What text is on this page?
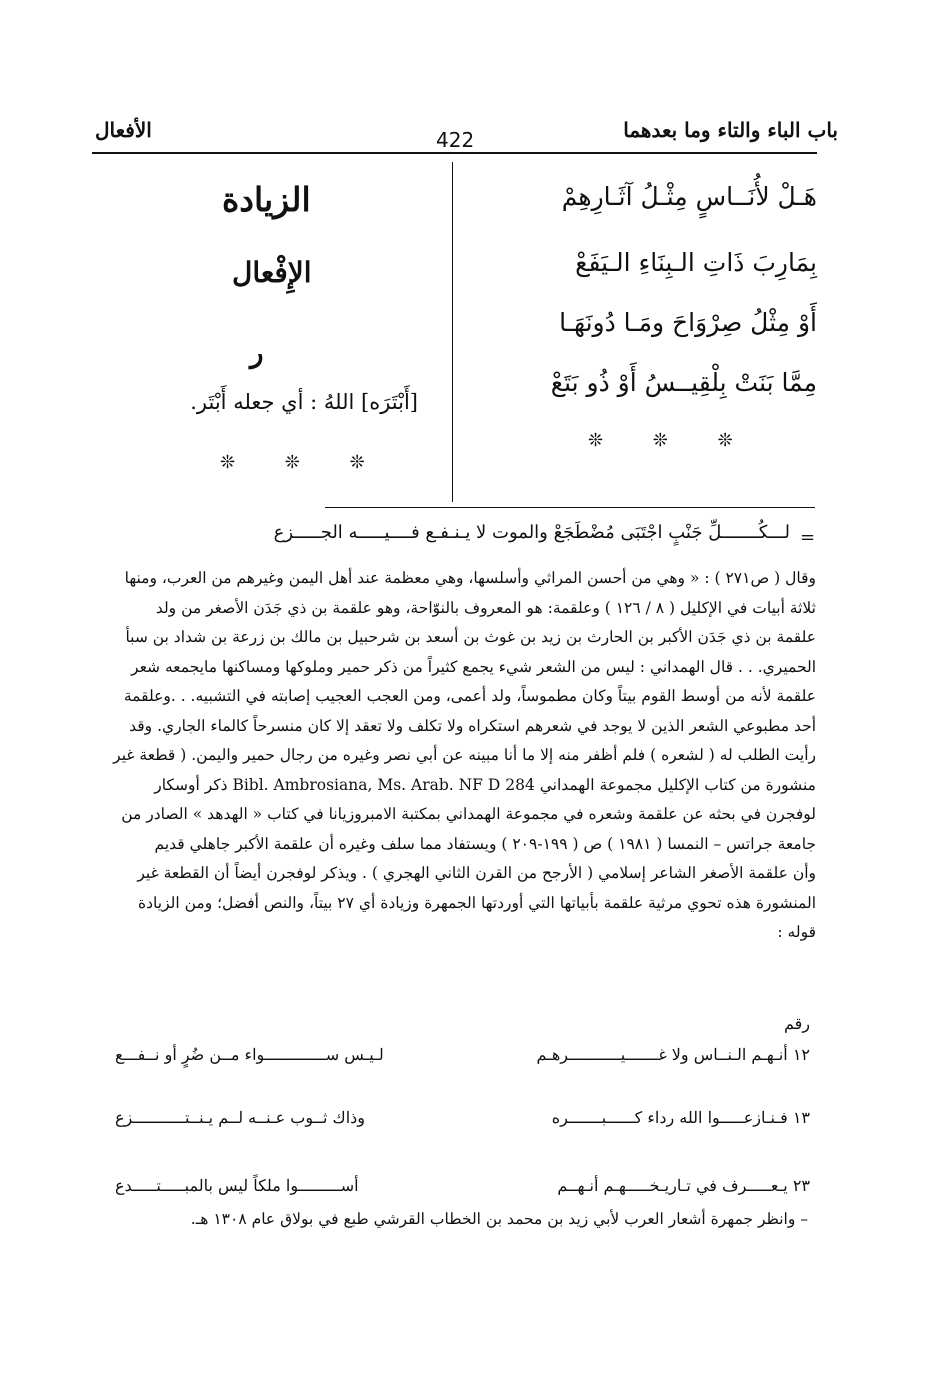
باب الباء والتاء وما بعدهما
422
الأفعال
هَـلْ لأُنَــاسٍ مِثْـلُ آثَـارِهِمْ
بِمَارِبَ ذَاتِ الـبِنَاءِ الـيَفَعْ
أَوْ مِثْلُ صِرْوَاحَ ومَـا دُونَهَـا
مِمَّا بَنَتْ بِلْقِيــسُ أَوْ ذُو بَتَعْ
❊ ❊ ❊
الزيادة
الإِفْعال
ر
[أَبْتَرَه] اللهُ : أي جعله أَبْتَر.
❊ ❊ ❊
=
لـــكُـــــــلِّ جَنْبٍ اجْتَبَى مُضْطَجَعْ والموت لا يـنـفـع فــــيـــــه الجـــــزع
وقال ( ص٢٧١ ) : « وهي من أحسن المراثي وأسلسها، وهي معظمة عند أهل اليمن وغيرهم من العرب، ومنها
ثلاثة أبيات في الإكليل ( ٨ / ١٢٦ ) وعلقمة: هو المعروف بالنوّاحة، وهو علقمة بن ذي جَدَن الأصغر من ولد
علقمة بن ذي جَدَن الأكبر بن الحارث بن زيد بن غوث بن أسعد بن شرحبيل بن مالك بن زرعة بن شداد بن سبأ
الحميري. . . قال الهمداني : ليس من الشعر شيء يجمع كثيراً من ذكر حمير وملوكها ومساكنها مايجمعه شعر
علقمة لأنه من أوسط القوم بيتاً وكان مطموساً، ولد أعمى، ومن العجب العجيب إصابته في التشبيه. . .وعلقمة
أحد مطبوعي الشعر الذين لا يوجد في شعرهم استكراه ولا تكلف ولا تعقد إلا كان منسرحاً كالماء الجاري. وقد
رأيت الطلب له ( لشعره ) فلم أظفر منه إلا ما أنا مبينه عن أبي نصر وغيره من رجال حمير واليمن. ( قطعة غير
منشورة من كتاب الإكليل مجموعة الهمداني Bibl. Ambrosiana, Ms. Arab. NF D 284 ذكر أوسكار
لوفجرن في بحثه عن علقمة وشعره في مجموعة الهمداني بمكتبة الامبروزيانا في كتاب « الهدهد » الصادر من
جامعة جراتس – النمسا ( ١٩٨١ ) ص ( ١٩٩-٢٠٩ ) ويستفاد مما سلف وغيره أن علقمة الأكبر جاهلي قديم
وأن علقمة الأصغر الشاعر إسلامي ( الأرجح من القرن الثاني الهجري ) . ويذكر لوفجرن أيضاً أن القطعة غير
المنشورة هذه تحوي مرثية علقمة بأبياتها التي أوردتها الجمهرة وزيادة أي ٢٧ بيتاً، والنص أفضل؛ ومن الزيادة
قوله :
رقم
١٢ أنـهـم الـنــاس ولا غـــــــيـــــــــــرهـم
لـيـس ســـــــــــــواء مــن ضُرٍ أو نــفـــع
١٣ فـنـازعـــــوا الله رداء كــــــبـــــــره
وذاك ثــوب عـنــه لــم يـنــتـــــــــــزع
٢٣ يـعـــــرف في تـاريـخـــــهـم أنـهــم
أســـــــــوا ملكاً ليس بالمبـــــتـــــدع
– وانظر جمهرة أشعار العرب لأبي زيد بن محمد بن الخطاب القرشي طبع في بولاق عام ١٣٠٨ هـ.
